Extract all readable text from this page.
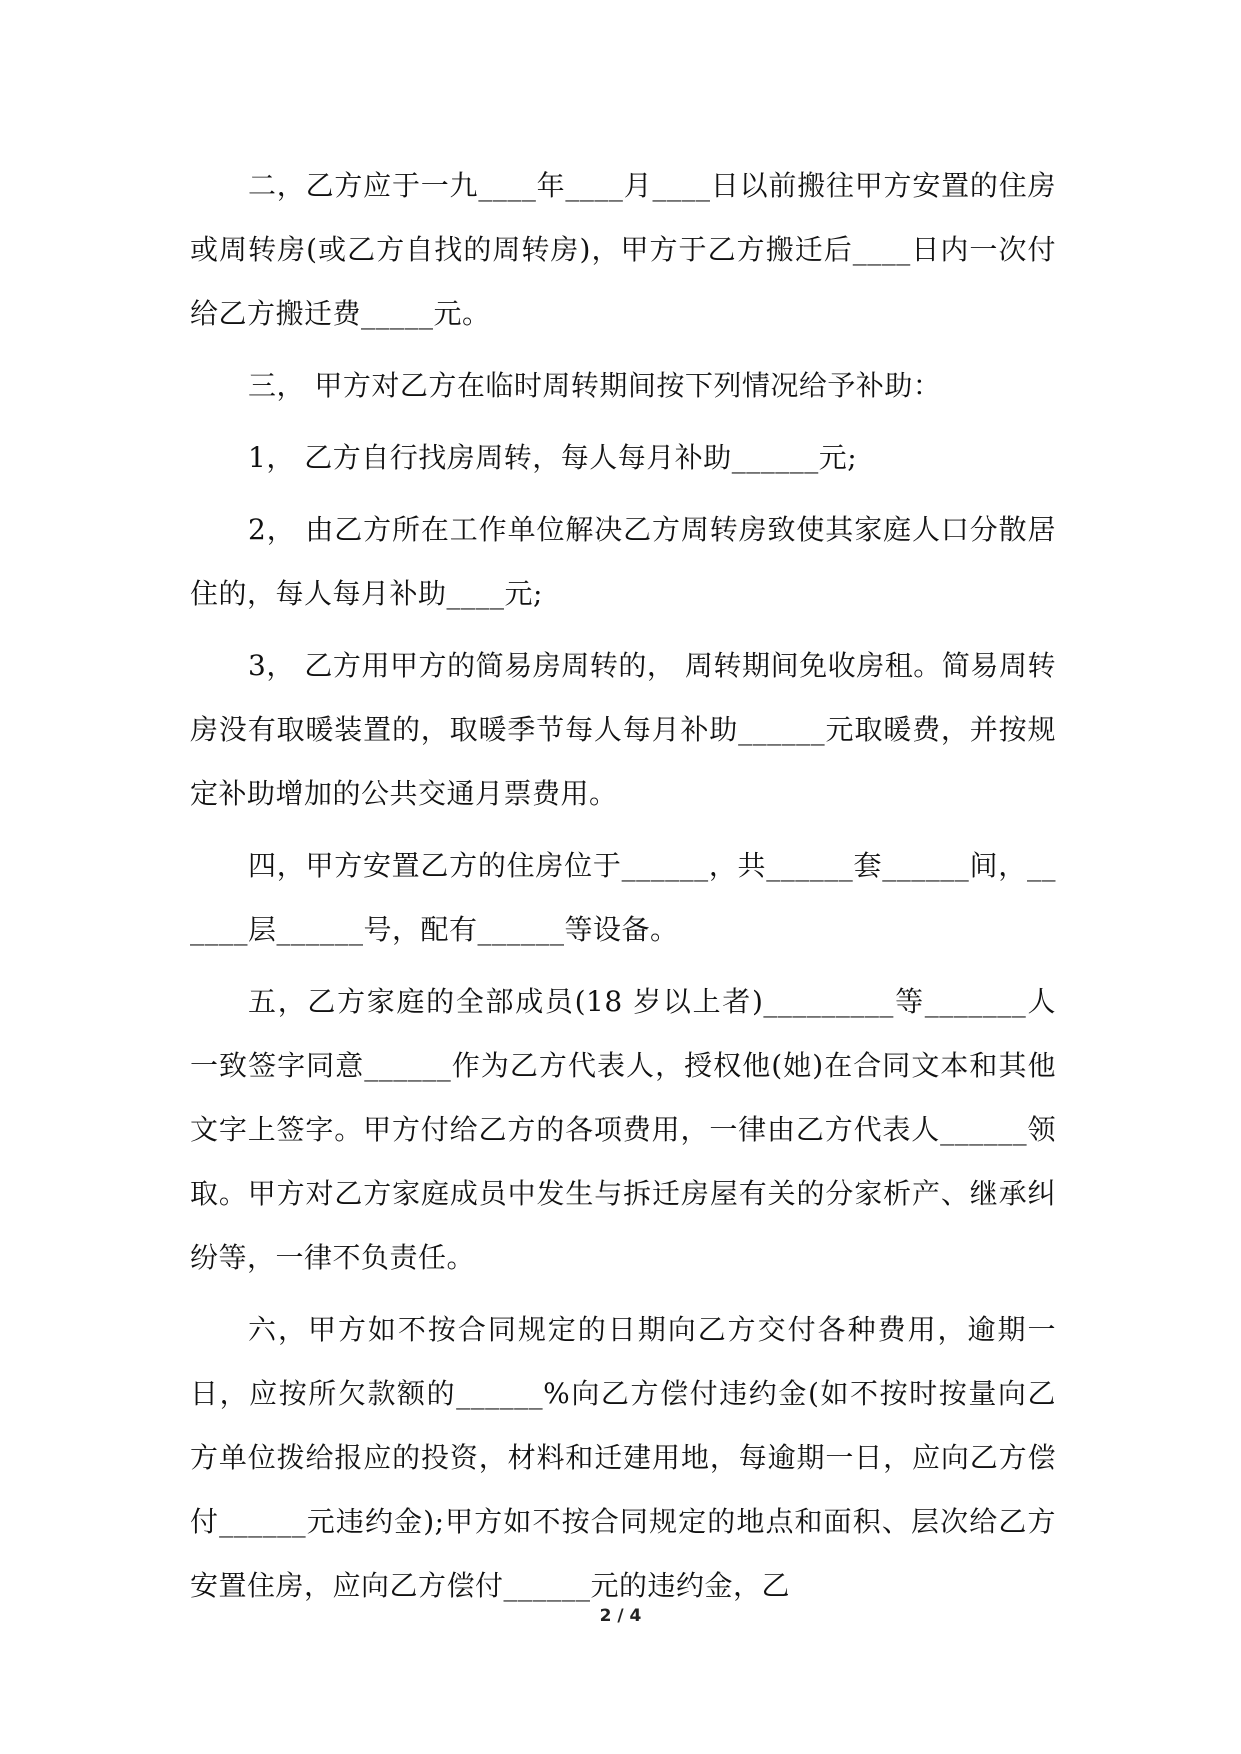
二，乙方应于一九____年____月____日以前搬往甲方安置的住房或周转房(或乙方自找的周转房)，甲方于乙方搬迁后____日内一次付给乙方搬迁费_____元。

三， 甲方对乙方在临时周转期间按下列情况给予补助：

1， 乙方自行找房周转，每人每月补助______元;

2， 由乙方所在工作单位解决乙方周转房致使其家庭人口分散居住的，每人每月补助____元;

3， 乙方用甲方的简易房周转的， 周转期间免收房租。简易周转房没有取暖装置的，取暖季节每人每月补助______元取暖费，并按规定补助增加的公共交通月票费用。

四，甲方安置乙方的住房位于______，共______套______间，______层______号，配有______等设备。

五，乙方家庭的全部成员(18 岁以上者)_________等_______人一致签字同意______作为乙方代表人，授权他(她)在合同文本和其他文字上签字。甲方付给乙方的各项费用，一律由乙方代表人______领取。甲方对乙方家庭成员中发生与拆迁房屋有关的分家析产、继承纠纷等，一律不负责任。

六，甲方如不按合同规定的日期向乙方交付各种费用，逾期一日，应按所欠款额的______%向乙方偿付违约金(如不按时按量向乙方单位拨给报应的投资，材料和迁建用地，每逾期一日，应向乙方偿付______元违约金);甲方如不按合同规定的地点和面积、层次给乙方安置住房，应向乙方偿付______元的违约金，乙

2 / 4
